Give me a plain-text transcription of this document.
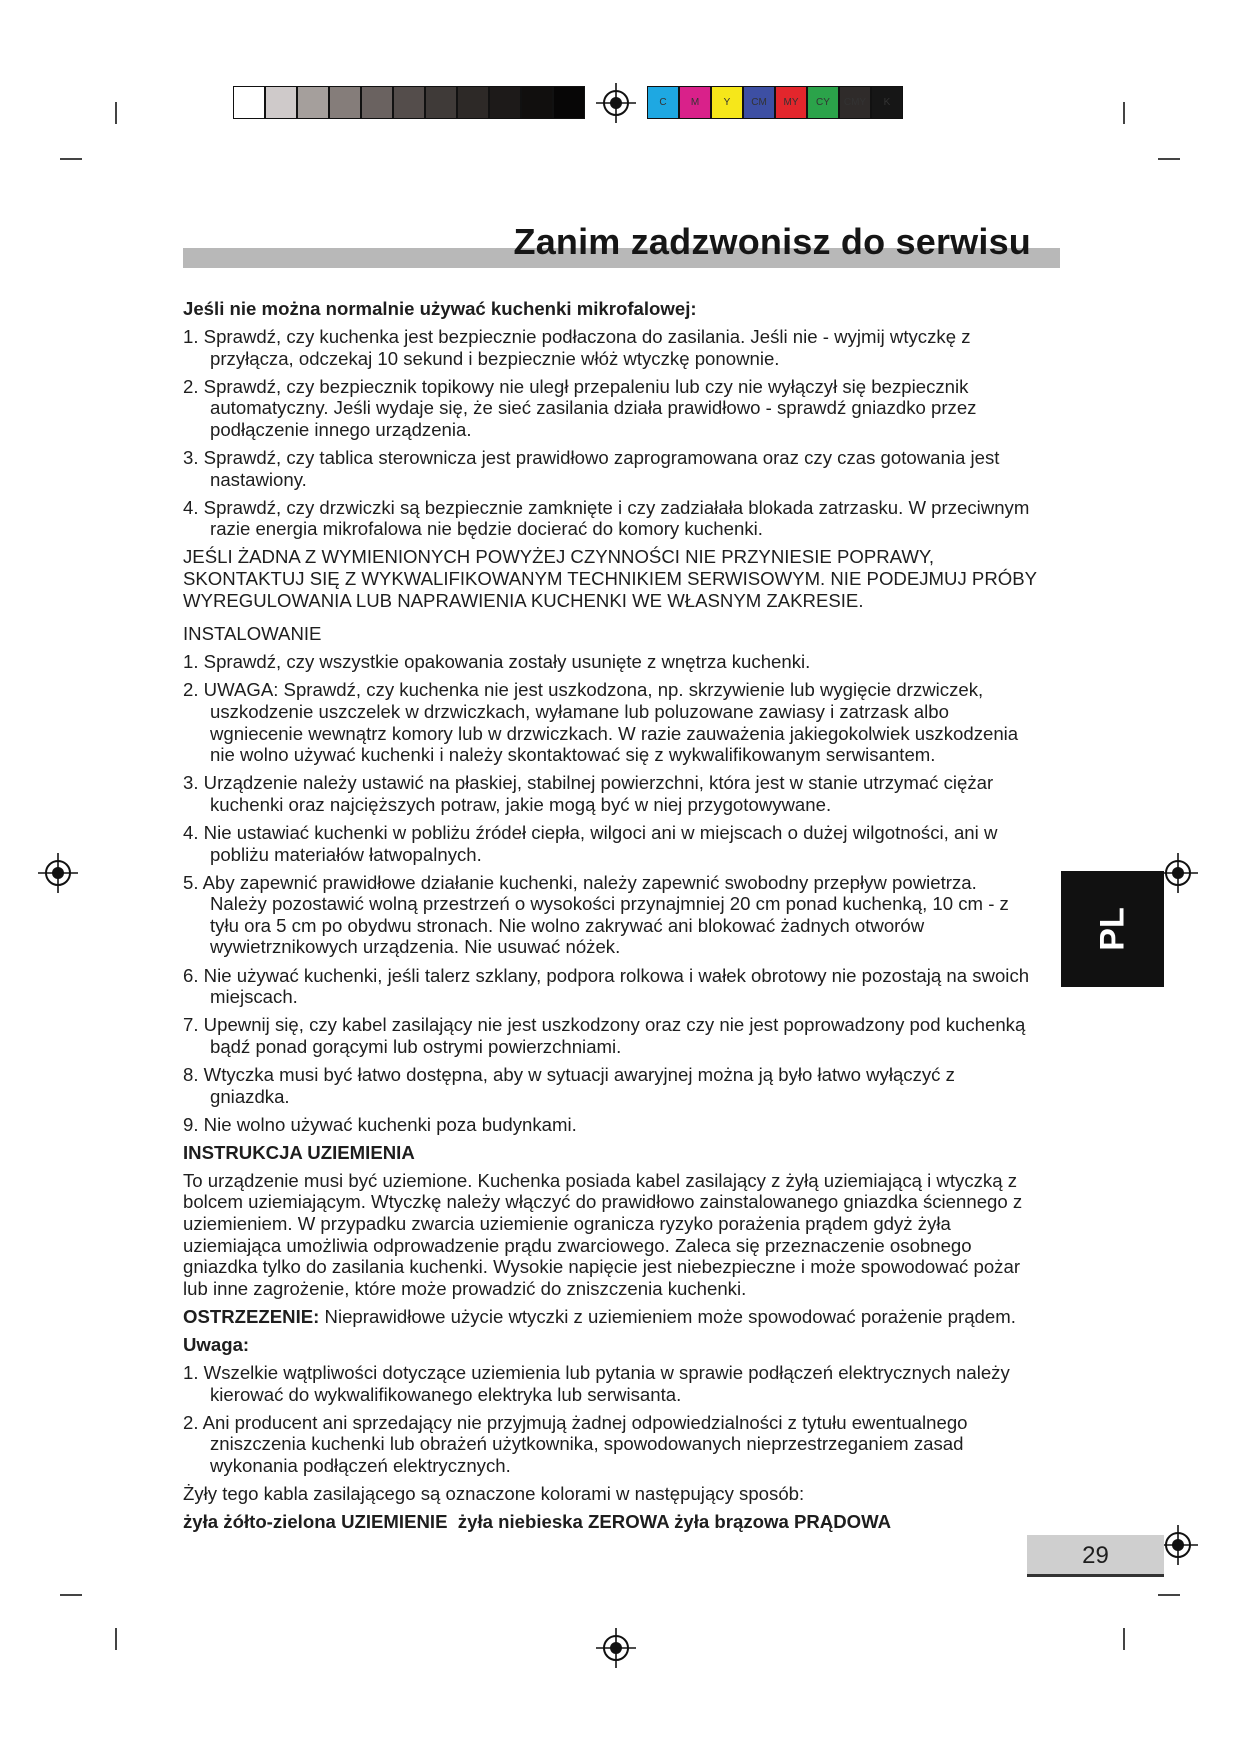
C	M	Y	CM	MY	CY	CMY	K
Zanim zadzwonisz do serwisu

Jeśli nie można normalnie używać kuchenki mikrofalowej:

1. Sprawdź, czy kuchenka jest bezpiecznie podłaczona do zasilania. Jeśli nie - wyjmij wtyczkę z przyłącza, odczekaj 10 sekund i bezpiecznie włóż wtyczkę ponownie.

2. Sprawdź, czy bezpiecznik topikowy nie uległ przepaleniu lub czy nie wyłączył się bezpiecznik automatyczny. Jeśli wydaje się, że sieć zasilania działa prawidłowo - sprawdź gniazdko przez podłączenie innego urządzenia.

3. Sprawdź, czy tablica sterownicza jest prawidłowo zaprogramowana oraz czy czas gotowania jest nastawiony.

4. Sprawdź, czy drzwiczki są bezpiecznie zamknięte i czy zadziałała blokada zatrzasku. W przeciwnym razie energia mikrofalowa nie będzie docierać do komory kuchenki.

JEŚLI ŻADNA Z WYMIENIONYCH POWYŻEJ CZYNNOŚCI NIE PRZYNIESIE POPRAWY, SKONTAKTUJ SIĘ Z WYKWALIFIKOWANYM TECHNIKIEM SERWISOWYM. NIE PODEJMUJ PRÓBY WYREGULOWANIA LUB NAPRAWIENIA KUCHENKI WE WŁASNYM ZAKRESIE.

INSTALOWANIE

1. Sprawdź, czy wszystkie opakowania zostały usunięte z wnętrza kuchenki.

2. UWAGA: Sprawdź, czy kuchenka nie jest uszkodzona, np. skrzywienie lub wygięcie drzwiczek, uszkodzenie uszczelek w drzwiczkach, wyłamane lub poluzowane zawiasy i zatrzask albo wgniecenie wewnątrz komory lub w drzwiczkach. W razie zauważenia jakiegokolwiek uszkodzenia nie wolno używać kuchenki i należy skontaktować się z wykwalifikowanym serwisantem.

3. Urządzenie należy ustawić na płaskiej, stabilnej powierzchni, która jest w stanie utrzymać ciężar kuchenki oraz najcięższych potraw, jakie mogą być w niej przygotowywane.

4. Nie ustawiać kuchenki w pobliżu źródeł ciepła, wilgoci ani w miejscach o dużej wilgotności, ani w pobliżu materiałów łatwopalnych.

5. Aby zapewnić prawidłowe działanie kuchenki, należy zapewnić swobodny przepływ powietrza. Należy pozostawić wolną przestrzeń o wysokości przynajmniej 20 cm ponad kuchenką, 10 cm - z tyłu ora 5 cm po obydwu stronach. Nie wolno zakrywać ani blokować żadnych otworów wywietrznikowych urządzenia. Nie usuwać nóżek.

6. Nie używać kuchenki, jeśli talerz szklany, podpora rolkowa i wałek obrotowy nie pozostają na swoich miejscach.

7. Upewnij się, czy kabel zasilający nie jest uszkodzony oraz czy nie jest poprowadzony pod kuchenką bądź ponad gorącymi lub ostrymi powierzchniami.

8. Wtyczka musi być łatwo dostępna, aby w sytuacji awaryjnej można ją było łatwo wyłączyć z gniazdka.

9. Nie wolno używać kuchenki poza budynkami.

INSTRUKCJA UZIEMIENIA

To urządzenie musi być uziemione. Kuchenka posiada kabel zasilający z żyłą uziemiającą i wtyczką z bolcem uziemiającym. Wtyczkę należy włączyć do prawidłowo zainstalowanego gniazdka ściennego z uziemieniem. W przypadku zwarcia uziemienie ogranicza ryzyko porażenia prądem gdyż żyła uziemiająca umożliwia odprowadzenie prądu zwarciowego. Zaleca się przeznaczenie osobnego gniazdka tylko do zasilania kuchenki. Wysokie napięcie jest niebezpieczne i może spowodować pożar lub inne zagrożenie, które może prowadzić do zniszczenia kuchenki.

OSTRZEZENIE: Nieprawidłowe użycie wtyczki z uziemieniem może spowodować porażenie prądem.

Uwaga:

1. Wszelkie wątpliwości dotyczące uziemienia lub pytania w sprawie podłączeń elektrycznych należy kierować do wykwalifikowanego elektryka lub serwisanta.

2. Ani producent ani sprzedający nie przyjmują żadnej odpowiedzialności z tytułu ewentualnego zniszczenia kuchenki lub obrażeń użytkownika, spowodowanych nieprzestrzeganiem zasad wykonania podłączeń elektrycznych.

Żyły tego kabla zasilającego są oznaczone kolorami w następujący sposób:

żyła żółto-zielona UZIEMIENIE  żyła niebieska ZEROWA żyła brązowa PRĄDOWA

PL
29
